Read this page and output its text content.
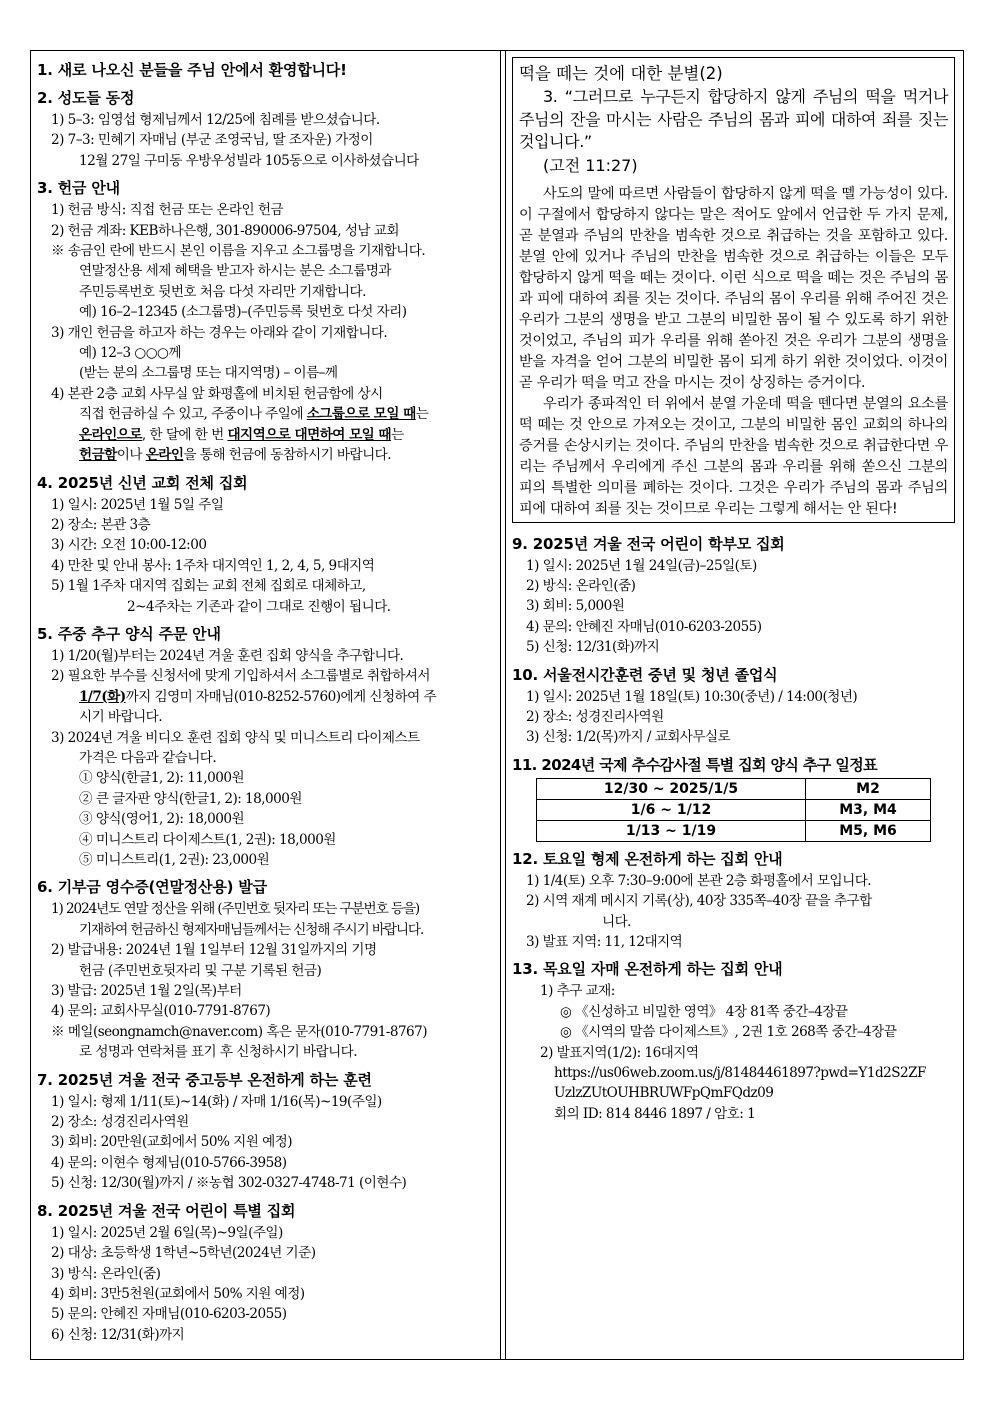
1. 새로 나오신 분들을 주님 안에서 환영합니다!
2. 성도들 동정
1) 5–3: 임영섭 형제님께서 12/25에 침례를 받으셨습니다.
2) 7–3: 민혜기 자매님 (부군 조영국님, 딸 조자운) 가정이
12월 27일 구미동 우방우성빌라 105동으로 이사하셨습니다
3. 헌금 안내
1) 헌금 방식: 직접 헌금 또는 온라인 헌금
2) 헌금 계좌: KEB하나은행, 301-890006-97504, 성남 교회
※ 송금인 란에 반드시 본인 이름을 지우고 소그룹명을 기재합니다.
연말정산용 세제 혜택을 받고자 하시는 분은 소그룹명과
주민등록번호 뒷번호 처음 다섯 자리만 기재합니다.
예) 16–2–12345 (소그룹명)–(주민등록 뒷번호 다섯 자리)
3) 개인 헌금을 하고자 하는 경우는 아래와 같이 기재합니다.
예) 12–3 ○○○께
(받는 분의 소그룹명 또는 대지역명) – 이름–께
4) 본관 2층 교회 사무실 앞 화평홀에 비치된 헌금함에 상시
직접 헌금하실 수 있고, 주중이나 주일에 소그룹으로 모일 때는
온라인으로, 한 달에 한 번 대지역으로 대면하여 모일 때는
헌금함이나 온라인을 통해 헌금에 동참하시기 바랍니다.
4. 2025년 신년 교회 전체 집회
1) 일시: 2025년 1월 5일 주일
2) 장소: 본관 3층
3) 시간: 오전 10:00-12:00
4) 만찬 및 안내 봉사: 1주차 대지역인 1, 2, 4, 5, 9대지역
5) 1월 1주차 대지역 집회는 교회 전체 집회로 대체하고,
2~4주차는 기존과 같이 그대로 진행이 됩니다.
5. 주중 추구 양식 주문 안내
1) 1/20(월)부터는 2024년 겨울 훈련 집회 양식을 추구합니다.
2) 필요한 부수를 신청서에 맞게 기입하셔서 소그룹별로 취합하셔서
1/7(화)까지 김영미 자매님(010-8252-5760)에게 신청하여 주
시기 바랍니다.
3) 2024년 겨울 비디오 훈련 집회 양식 및 미니스트리 다이제스트
가격은 다음과 같습니다.
① 양식(한글1, 2): 11,000원
② 큰 글자판 양식(한글1, 2): 18,000원
③ 양식(영어1, 2): 18,000원
④ 미니스트리 다이제스트(1, 2권): 18,000원
⑤ 미니스트리(1, 2권): 23,000원
6. 기부금 영수증(연말정산용) 발급
1) 2024년도 연말 정산을 위해 (주민번호 뒷자리 또는 구분번호 등을)
기재하여 헌금하신 형제자매님들께서는 신청해 주시기 바랍니다.
2) 발급내용: 2024년 1월 1일부터 12월 31일까지의 기명
헌금 (주민번호뒷자리 및 구분 기록된 헌금)
3) 발급: 2025년 1월 2일(목)부터
4) 문의: 교회사무실(010-7791-8767)
※ 메일(seongnamch@naver.com) 혹은 문자(010-7791-8767)
로 성명과 연락처를 표기 후 신청하시기 바랍니다.
7. 2025년 겨울 전국 중고등부 온전하게 하는 훈련
1) 일시: 형제 1/11(토)~14(화) / 자매 1/16(목)~19(주일)
2) 장소: 성경진리사역원
3) 회비: 20만원(교회에서 50% 지원 예정)
4) 문의: 이현수 형제님(010-5766-3958)
5) 신청: 12/30(월)까지 / ※농협 302-0327-4748-71 (이현수)
8. 2025년 겨울 전국 어린이 특별 집회
1) 일시: 2025년 2월 6일(목)~9일(주일)
2) 대상: 초등학생 1학년~5학년(2024년 기준)
3) 방식: 온라인(줌)
4) 회비: 3만5천원(교회에서 50% 지원 예정)
5) 문의: 안혜진 자매님(010-6203-2055)
6) 신청: 12/31(화)까지
떡을 떼는 것에 대한 분별(2)
3. “그러므로 누구든지 합당하지 않게 주님의 떡을 먹거나 주님의 잔을 마시는 사람은 주님의 몸과 피에 대하여 죄를 짓는 것입니다.”
(고전 11:27)

사도의 말에 따르면 사람들이 합당하지 않게 떡을 뗄 가능성이 있다. 이 구절에서 합당하지 않다는 말은 적어도 앞에서 언급한 두 가지 문제, 곧 분열과 주님의 만찬을 범속한 것으로 취급하는 것을 포함하고 있다. 분열 안에 있거나 주님의 만찬을 범속한 것으로 취급하는 이들은 모두 합당하지 않게 떡을 떼는 것이다. 이런 식으로 떡을 떼는 것은 주님의 몸과 피에 대하여 죄를 짓는 것이다. 주님의 몸이 우리를 위해 주어진 것은 우리가 그분의 생명을 받고 그분의 비밀한 몸이 될 수 있도록 하기 위한 것이었고, 주님의 피가 우리를 위해 쏟아진 것은 우리가 그분의 생명을 받을 자격을 얻어 그분의 비밀한 몸이 되게 하기 위한 것이었다. 이것이 곧 우리가 떡을 먹고 잔을 마시는 것이 상징하는 증거이다.

우리가 종파적인 터 위에서 분열 가운데 떡을 뗀다면 분열의 요소를 떡 떼는 것 안으로 가져오는 것이고, 그분의 비밀한 몸인 교회의 하나의 증거를 손상시키는 것이다. 주님의 만찬을 범속한 것으로 취급한다면 우리는 주님께서 우리에게 주신 그분의 몸과 우리를 위해 쏟으신 그분의 피의 특별한 의미를 폐하는 것이다. 그것은 우리가 주님의 몸과 주님의 피에 대하여 죄를 짓는 것이므로 우리는 그렇게 해서는 안 된다!

9. 2025년 겨울 전국 어린이 학부모 집회
1) 일시: 2025년 1월 24일(금)–25일(토)
2) 방식: 온라인(줌)
3) 회비: 5,000원
4) 문의: 안혜진 자매님(010-6203-2055)
5) 신청: 12/31(화)까지
10. 서울전시간훈련 중년 및 청년 졸업식
1) 일시: 2025년 1월 18일(토) 10:30(중년) / 14:00(청년)
2) 장소: 성경진리사역원
3) 신청: 1/2(목)까지 / 교회사무실로
11. 2024년 국제 추수감사절 특별 집회 양식 추구 일정표
12/30 ~ 2025/1/5	M2
1/6 ~ 1/12	M3, M4
1/13 ~ 1/19	M5, M6
12. 토요일 형제 온전하게 하는 집회 안내
1) 1/4(토) 오후 7:30–9:00에 본관 2층 화평홀에서 모입니다.
2) 시역 재계 메시지 기록(상), 40장 335쪽–40장 끝을 추구합
니다.
3) 발표 지역: 11, 12대지역
13. 목요일 자매 온전하게 하는 집회 안내
1) 추구 교재:
◎ 《신성하고 비밀한 영역》 4장 81쪽 중간–4장끝
◎ 《시역의 말씀 다이제스트》, 2권 1호 268쪽 중간–4장끝
2) 발표지역(1/2): 16대지역
https://us06web.zoom.us/j/81484461897?pwd=Y1d2S2ZF
UzlzZUtOUHBRUWFpQmFQdz09
회의 ID: 814 8446 1897 / 암호: 1
